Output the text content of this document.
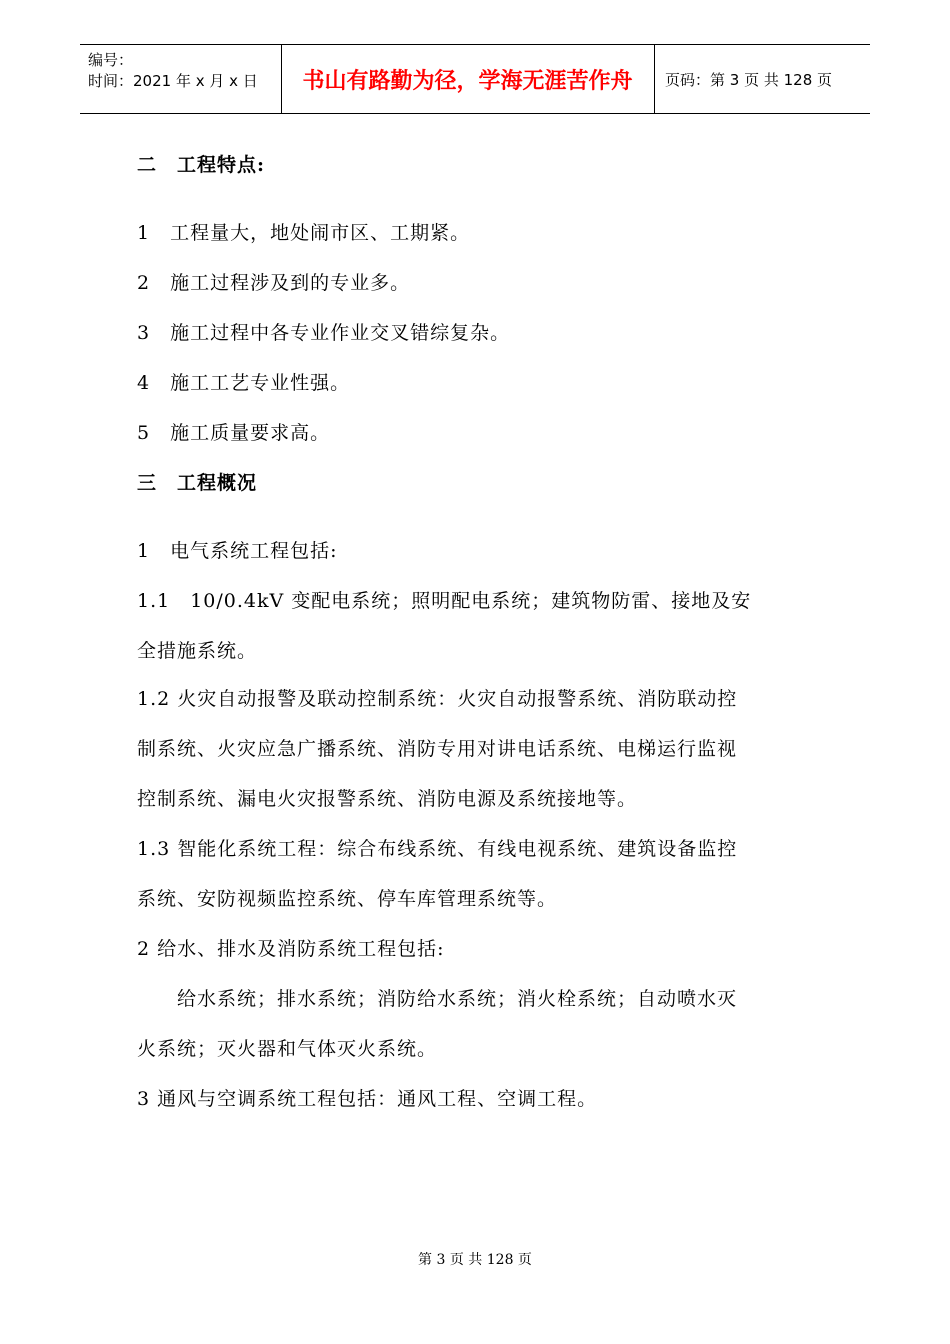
编号：
时间：2021 年 x 月 x 日	书山有路勤为径，学海无涯苦作舟	页码：第 3 页 共 128 页
二　工程特点:
1　工程量大，地处闹市区、工期紧。
2　施工过程涉及到的专业多。
3　施工过程中各专业作业交叉错综复杂。
4　施工工艺专业性强。
5　施工质量要求高。
三　工程概况
1　电气系统工程包括:
1.1　10/0.4kV 变配电系统；照明配电系统；建筑物防雷、接地及安
全措施系统。
1.2 火灾自动报警及联动控制系统：火灾自动报警系统、消防联动控
制系统、火灾应急广播系统、消防专用对讲电话系统、电梯运行监视
控制系统、漏电火灾报警系统、消防电源及系统接地等。
1.3 智能化系统工程：综合布线系统、有线电视系统、建筑设备监控
系统、安防视频监控系统、停车库管理系统等。
2 给水、排水及消防系统工程包括:
　　给水系统；排水系统；消防给水系统；消火栓系统；自动喷水灭
火系统；灭火器和气体灭火系统。
3 通风与空调系统工程包括：通风工程、空调工程。
第 3 页 共 128 页
